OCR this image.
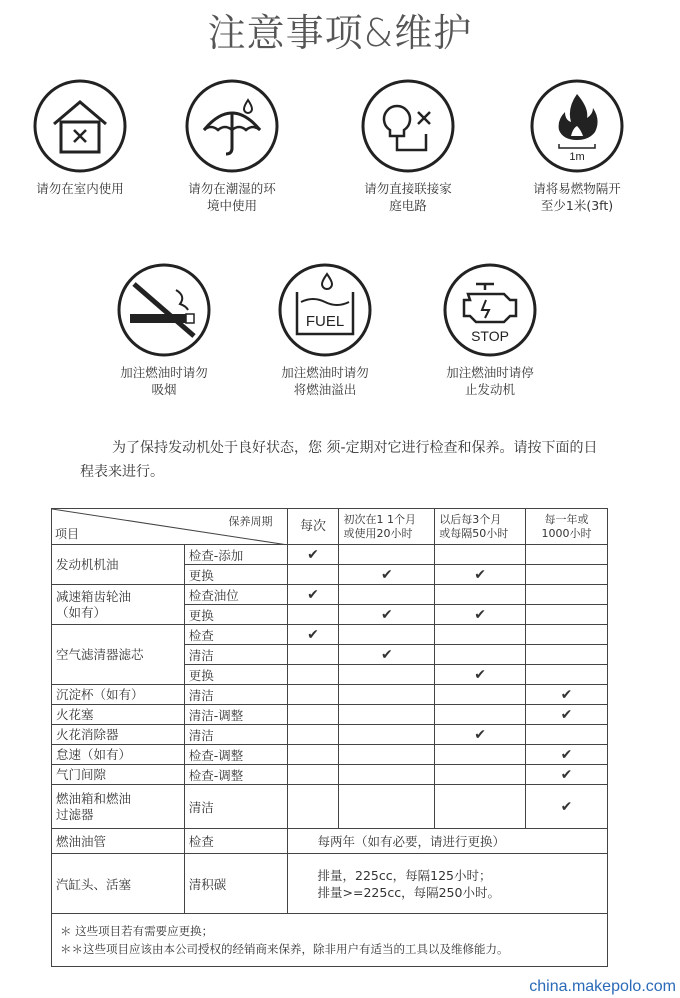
注意事项&维护
请勿在室内使用	请勿在潮湿的环
境中使用
请勿直接联接家
庭电路
1m
请将易燃物隔开
至少1米(3ft)
加注燃油时请勿
吸烟
FUEL
加注燃油时请勿
将燃油溢出
STOP
加注燃油时请停
止发动机
为了保持发动机处于良好状态，您 须-定期对它进行检查和保养。请按下面的日程表来进行。
保养周期
项目		每次	初次在1 1个月
或使用20小时	以后每3个月
或每隔50小时	每一年或
1000小时
发动机机油	检查-添加	✔			
	更换		✔	✔	
减速箱齿轮油
（如有）	检查油位	✔			
	更换		✔	✔	
空气滤清器滤芯	检查	✔			
	清洁		✔		
	更换			✔	
沉淀杯（如有）	清洁				✔
火花塞	清洁-调整				✔
火花消除器	清洁			✔	
怠速（如有）	检查-调整				✔
气门间隙	检查-调整				✔
燃油箱和燃油
过滤器	清洁				✔
燃油油管	检查	每两年（如有必要，请进行更换）			
汽缸头、活塞	清积碳	排量，225cc，每隔125小时；
排量>=225cc，每隔250小时。			
＊ 这些项目若有需要应更换；
＊＊这些项目应该由本公司授权的经销商来保养，除非用户有适当的工具以及维修能力。					
china.makepolo.com
